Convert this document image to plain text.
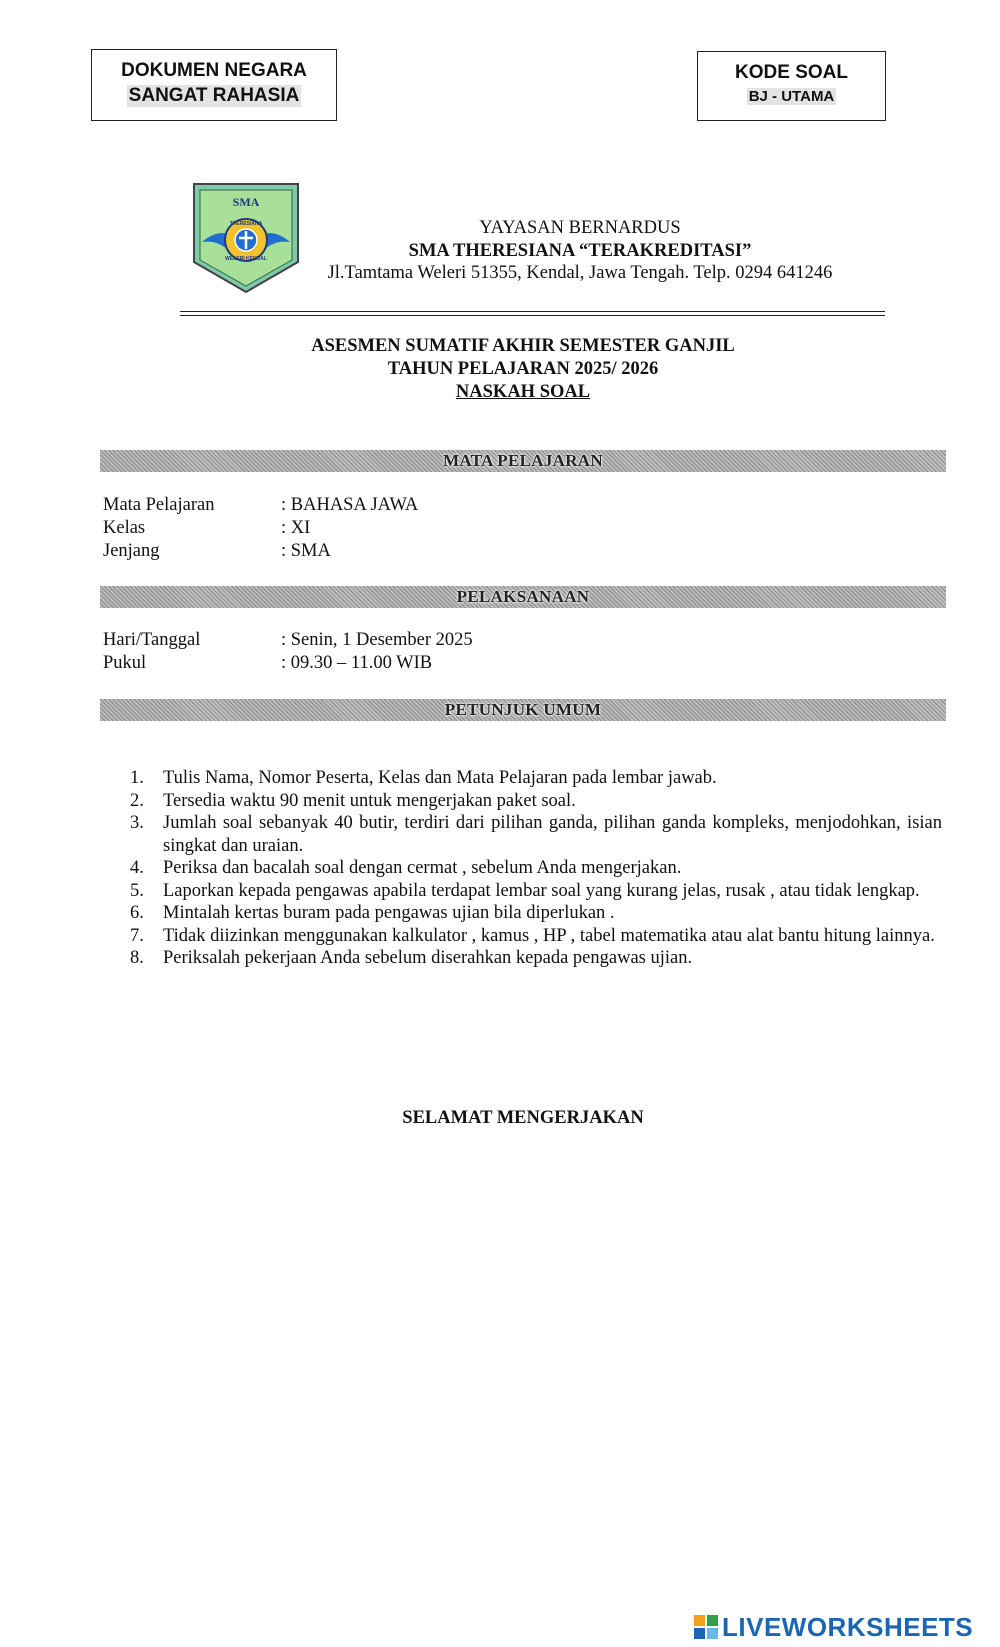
DOKUMEN NEGARA
SANGAT RAHASIA
KODE SOAL
BJ - UTAMA
SMA
THERESIANA
WELERI KENDAL
YAYASAN BERNARDUS
SMA THERESIANA “TERAKREDITASI”
Jl.Tamtama Weleri 51355, Kendal, Jawa Tengah. Telp. 0294 641246
ASESMEN SUMATIF AKHIR SEMESTER GANJIL
TAHUN PELAJARAN 2025/ 2026
NASKAH SOAL
MATA PELAJARAN
Mata Pelajaran	: BAHASA JAWA
Kelas	: XI
Jenjang	: SMA
PELAKSANAAN
Hari/Tanggal	: Senin, 1 Desember 2025
Pukul	: 09.30 – 11.00 WIB
PETUNJUK UMUM
1. Tulis Nama, Nomor Peserta, Kelas dan Mata Pelajaran pada lembar jawab.
2. Tersedia waktu 90 menit untuk mengerjakan paket soal.
3. Jumlah soal sebanyak 40 butir, terdiri dari pilihan ganda, pilihan ganda kompleks, menjodohkan, isian singkat dan uraian.
4. Periksa dan bacalah soal dengan cermat , sebelum Anda mengerjakan.
5. Laporkan kepada pengawas apabila terdapat lembar soal yang kurang jelas, rusak , atau tidak lengkap.
6. Mintalah kertas buram pada pengawas ujian bila diperlukan .
7. Tidak diizinkan menggunakan kalkulator , kamus , HP , tabel matematika atau alat bantu hitung lainnya.
8. Periksalah pekerjaan Anda sebelum diserahkan kepada pengawas ujian.
SELAMAT MENGERJAKAN
LIVEWORKSHEETS
